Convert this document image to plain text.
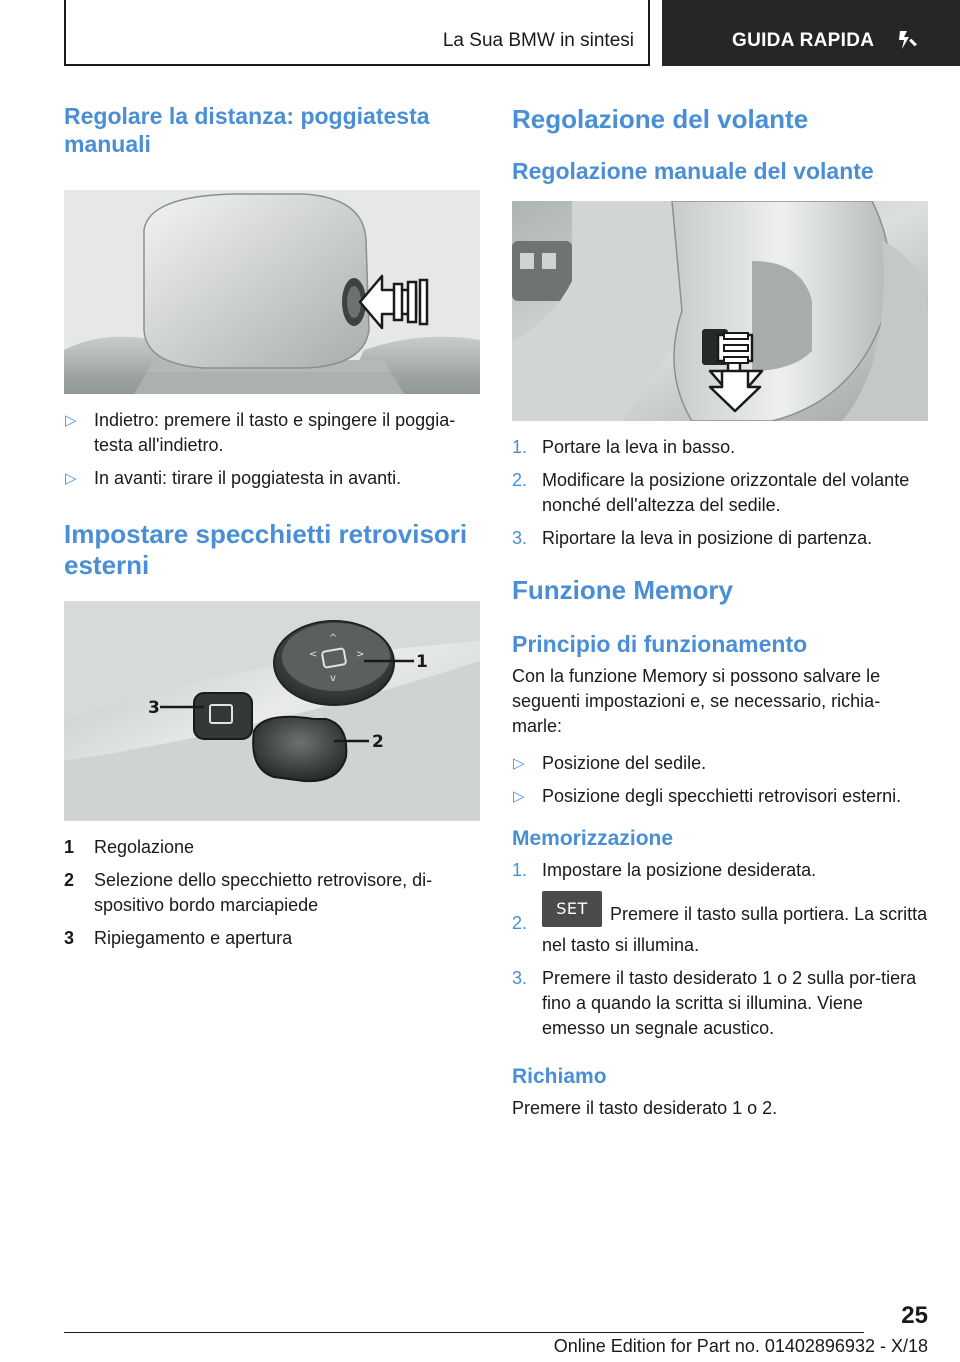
La Sua BMW in sintesi	GUIDA RAPIDA
Regolare la distanza: poggiatesta manuali
▷ Indietro: premere il tasto e spingere il poggia‐testa all'indietro.
▷ In avanti: tirare il poggiatesta in avanti.
Impostare specchietti retrovisori esterni
<	>
^
v
1
2
3
1 Regolazione
2 Selezione dello specchietto retrovisore, di‐spositivo bordo marciapiede
3 Ripiegamento e apertura
Regolazione del volante
Regolazione manuale del volante
1. Portare la leva in basso.
2. Modificare la posizione orizzontale del volante nonché dell'altezza del sedile.
3. Riportare la leva in posizione di partenza.
Funzione Memory
Principio di funzionamento

Con la funzione Memory si possono salvare le seguenti impostazioni e, se necessario, richia‐marle:

▷ Posizione del sedile.
▷ Posizione degli specchietti retrovisori esterni.
Memorizzazione
1. Impostare la posizione desiderata.
2.
SET Premere il tasto sulla portiera. La scritta nel tasto si illumina.
3. Premere il tasto desiderato 1 o 2 sulla por‐tiera fino a quando la scritta si illumina. Viene emesso un segnale acustico.
Richiamo

Premere il tasto desiderato 1 o 2.

25
Online Edition for Part no. 01402896932 - X/18
